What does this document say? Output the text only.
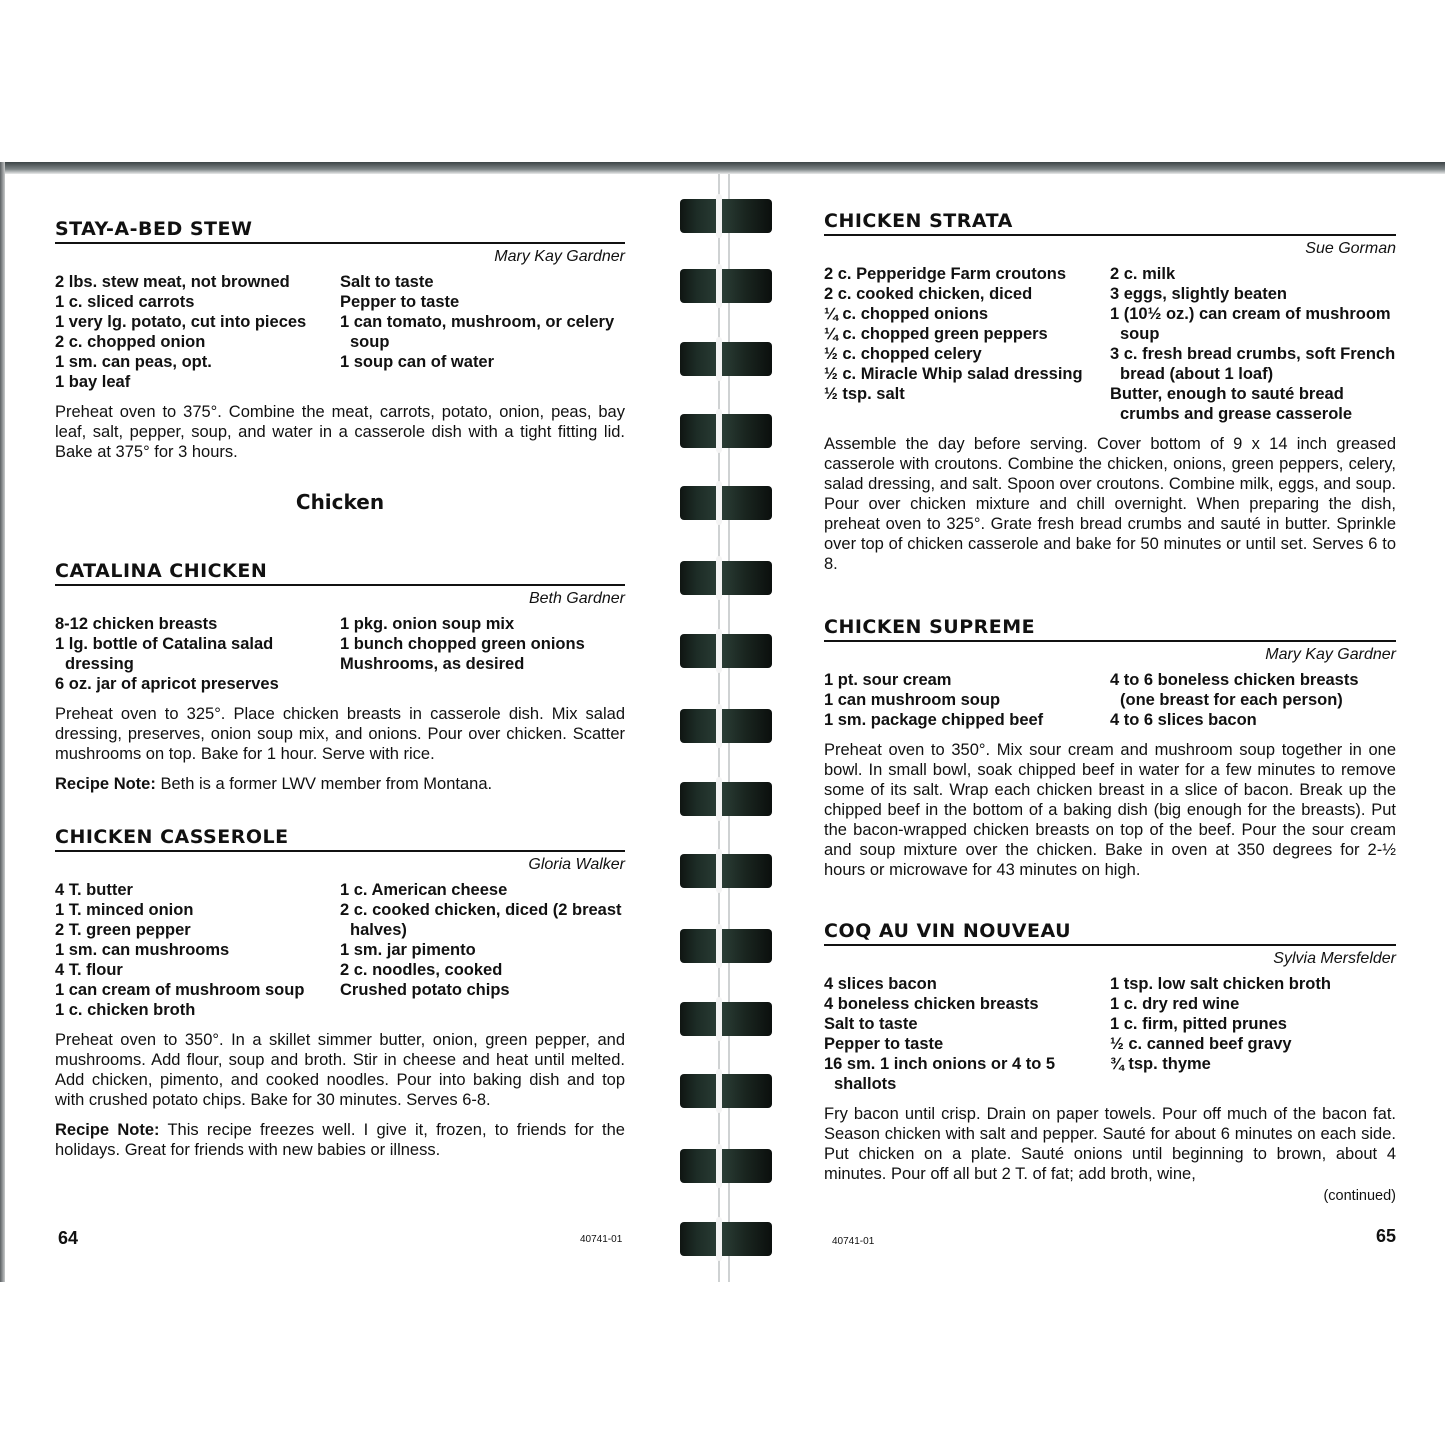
STAY-A-BED STEW
Mary Kay Gardner
2 lbs. stew meat, not browned
1 c. sliced carrots
1 very lg. potato, cut into pieces
2 c. chopped onion
1 sm. can peas, opt.
1 bay leaf
Salt to taste
Pepper to taste
1 can tomato, mushroom, or celery soup
1 soup can of water

Preheat oven to 375°. Combine the meat, carrots, potato, onion, peas, bay leaf, salt, pepper, soup, and water in a casserole dish with a tight fitting lid. Bake at 375° for 3 hours.

Chicken
CATALINA CHICKEN
Beth Gardner
8-12 chicken breasts
1 lg. bottle of Catalina salad dressing
6 oz. jar of apricot preserves
1 pkg. onion soup mix
1 bunch chopped green onions
Mushrooms, as desired

Preheat oven to 325°. Place chicken breasts in casserole dish. Mix salad dressing, preserves, onion soup mix, and onions. Pour over chicken. Scatter mushrooms on top. Bake for 1 hour. Serve with rice.

Recipe Note: Beth is a former LWV member from Montana.

CHICKEN CASSEROLE
Gloria Walker
4 T. butter
1 T. minced onion
2 T. green pepper
1 sm. can mushrooms
4 T. flour
1 can cream of mushroom soup
1 c. chicken broth
1 c. American cheese
2 c. cooked chicken, diced (2 breast halves)
1 sm. jar pimento
2 c. noodles, cooked
Crushed potato chips

Preheat oven to 350°. In a skillet simmer butter, onion, green pepper, and mushrooms. Add flour, soup and broth. Stir in cheese and heat until melted. Add chicken, pimento, and cooked noodles. Pour into baking dish and top with crushed potato chips. Bake for 30 minutes. Serves 6-8.

Recipe Note: This recipe freezes well. I give it, frozen, to friends for the holidays. Great for friends with new babies or illness.

64	40741-01
CHICKEN STRATA
Sue Gorman
2 c. Pepperidge Farm croutons
2 c. cooked chicken, diced
¼ c. chopped onions
¼ c. chopped green peppers
½ c. chopped celery
½ c. Miracle Whip salad dressing
½ tsp. salt
2 c. milk
3 eggs, slightly beaten
1 (10½ oz.) can cream of mushroom soup
3 c. fresh bread crumbs, soft French bread (about 1 loaf)
Butter, enough to sauté bread crumbs and grease casserole

Assemble the day before serving. Cover bottom of 9 x 14 inch greased casserole with croutons. Combine the chicken, onions, green peppers, celery, salad dressing, and salt. Spoon over croutons. Combine milk, eggs, and soup. Pour over chicken mixture and chill overnight. When preparing the dish, preheat oven to 325°. Grate fresh bread crumbs and sauté in butter. Sprinkle over top of chicken casserole and bake for 50 minutes or until set. Serves 6 to 8.

CHICKEN SUPREME
Mary Kay Gardner
1 pt. sour cream
1 can mushroom soup
1 sm. package chipped beef
4 to 6 boneless chicken breasts (one breast for each person)
4 to 6 slices bacon

Preheat oven to 350°. Mix sour cream and mushroom soup together in one bowl. In small bowl, soak chipped beef in water for a few minutes to remove some of its salt. Wrap each chicken breast in a slice of bacon. Break up the chipped beef in the bottom of a baking dish (big enough for the breasts). Put the bacon-wrapped chicken breasts on top of the beef. Pour the sour cream and soup mixture over the chicken. Bake in oven at 350 degrees for 2-½ hours or microwave for 43 minutes on high.

COQ AU VIN NOUVEAU
Sylvia Mersfelder
4 slices bacon
4 boneless chicken breasts
Salt to taste
Pepper to taste
16 sm. 1 inch onions or 4 to 5 shallots
1 tsp. low salt chicken broth
1 c. dry red wine
1 c. firm, pitted prunes
½ c. canned beef gravy
¾ tsp. thyme

Fry bacon until crisp. Drain on paper towels. Pour off much of the bacon fat. Season chicken with salt and pepper. Sauté for about 6 minutes on each side. Put chicken on a plate. Sauté onions until beginning to brown, about 4 minutes. Pour off all but 2 T. of fat; add broth, wine,

(continued)
40741-01	65
